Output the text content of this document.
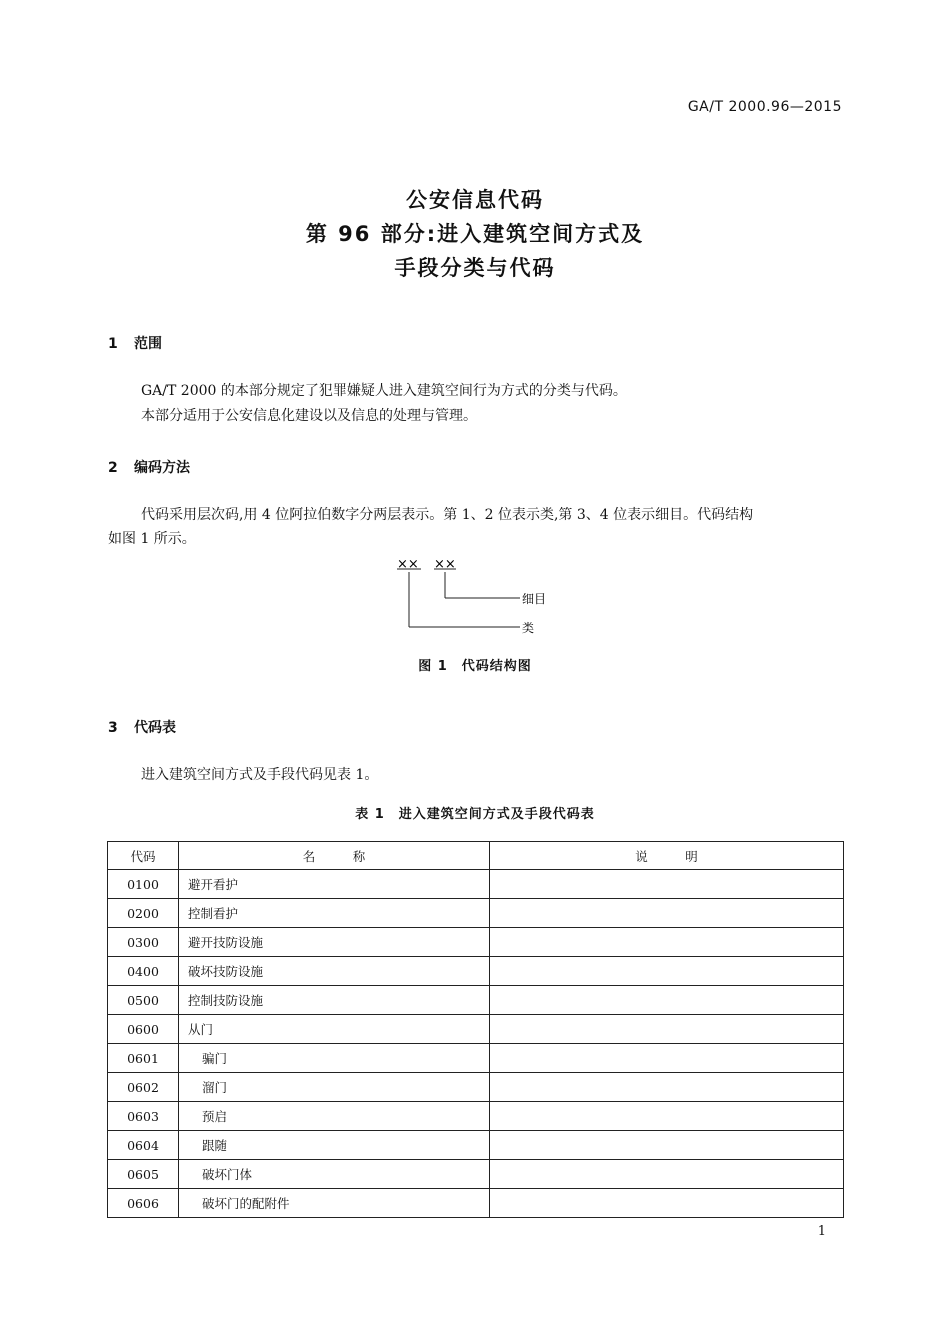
GA/T 2000.96—2015
公安信息代码
第 96 部分:进入建筑空间方式及
手段分类与代码
1 范围
GA/T 2000 的本部分规定了犯罪嫌疑人进入建筑空间行为方式的分类与代码。
本部分适用于公安信息化建设以及信息的处理与管理。
2 编码方法
代码采用层次码,用 4 位阿拉伯数字分两层表示。第 1、2 位表示类,第 3、4 位表示细目。代码结构
如图 1 所示。
×× ××
细目
类
图 1　代码结构图
3 代码表
进入建筑空间方式及手段代码见表 1。
表 1　进入建筑空间方式及手段代码表
代码	名　　　称	说　　　明
0100	避开看护	
0200	控制看护	
0300	避开技防设施	
0400	破坏技防设施	
0500	控制技防设施	
0600	从门	
0601	骗门	
0602	溜门	
0603	预启	
0604	跟随	
0605	破坏门体	
0606	破坏门的配附件	
1
